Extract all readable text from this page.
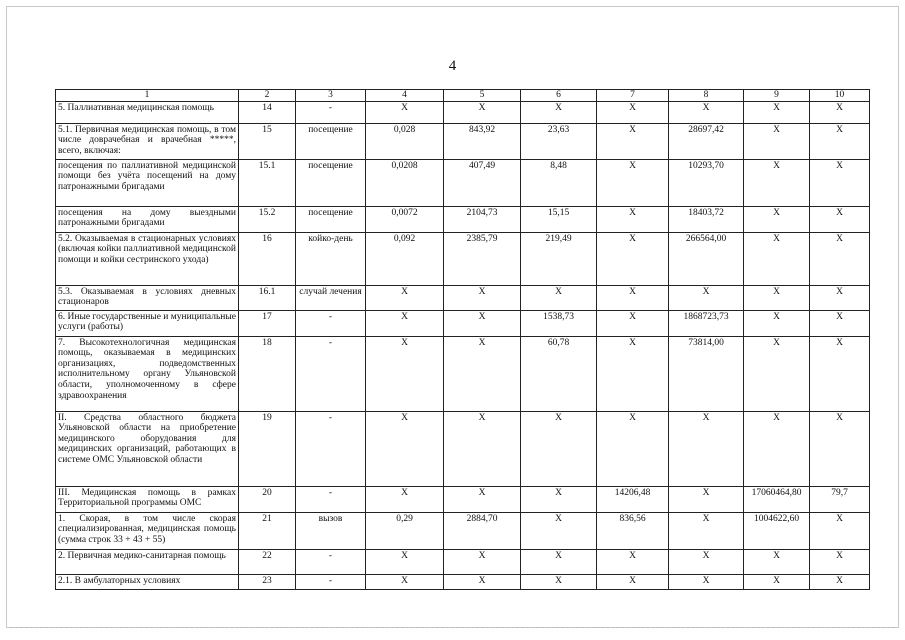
4
1	2	3	4	5	6	7	8	9	10
5. Паллиативная медицинская помощь	14	-	X	X	X	X	X	X	X
5.1. Первичная медицинская помощь, в том числе доврачебная и врачебная *****, всего, включая:	15	посещение	0,028	843,92	23,63	X	28697,42	X	X
посещения по паллиативной медицинской помощи без учёта посещений на дому патронажными бригадами	15.1	посещение	0,0208	407,49	8,48	X	10293,70	X	X
посещения на дому выездными патронажными бригадами	15.2	посещение	0,0072	2104,73	15,15	X	18403,72	X	X
5.2. Оказываемая в стационарных условиях (включая койки паллиативной медицинской помощи и койки сестринского ухода)	16	койко-день	0,092	2385,79	219,49	X	266564,00	X	X
5.3. Оказываемая в условиях дневных стационаров	16.1	случай лечения	X	X	X	X	X	X	X
6. Иные государственные и муниципальные услуги (работы)	17	-	X	X	1538,73	X	1868723,73	X	X
7. Высокотехнологичная медицинская помощь, оказываемая в медицинских организациях, подведомственных исполнительному органу Ульяновской области, уполномоченному в сфере здравоохранения	18	-	X	X	60,78	X	73814,00	X	X
II. Средства областного бюджета Ульяновской области на приобретение медицинского оборудования для медицинских организаций, работающих в системе ОМС Ульяновской области	19	-	X	X	X	X	X	X	X
III. Медицинская помощь в рамках Территориальной программы ОМС	20	-	X	X	X	14206,48	X	17060464,80	79,7
1. Скорая, в том числе скорая специализированная, медицинская помощь (сумма строк 33 + 43 + 55)	21	вызов	0,29	2884,70	X	836,56	X	1004622,60	X
2. Первичная медико-санитарная помощь	22	-	X	X	X	X	X	X	X
2.1. В амбулаторных условиях	23	-	X	X	X	X	X	X	X
